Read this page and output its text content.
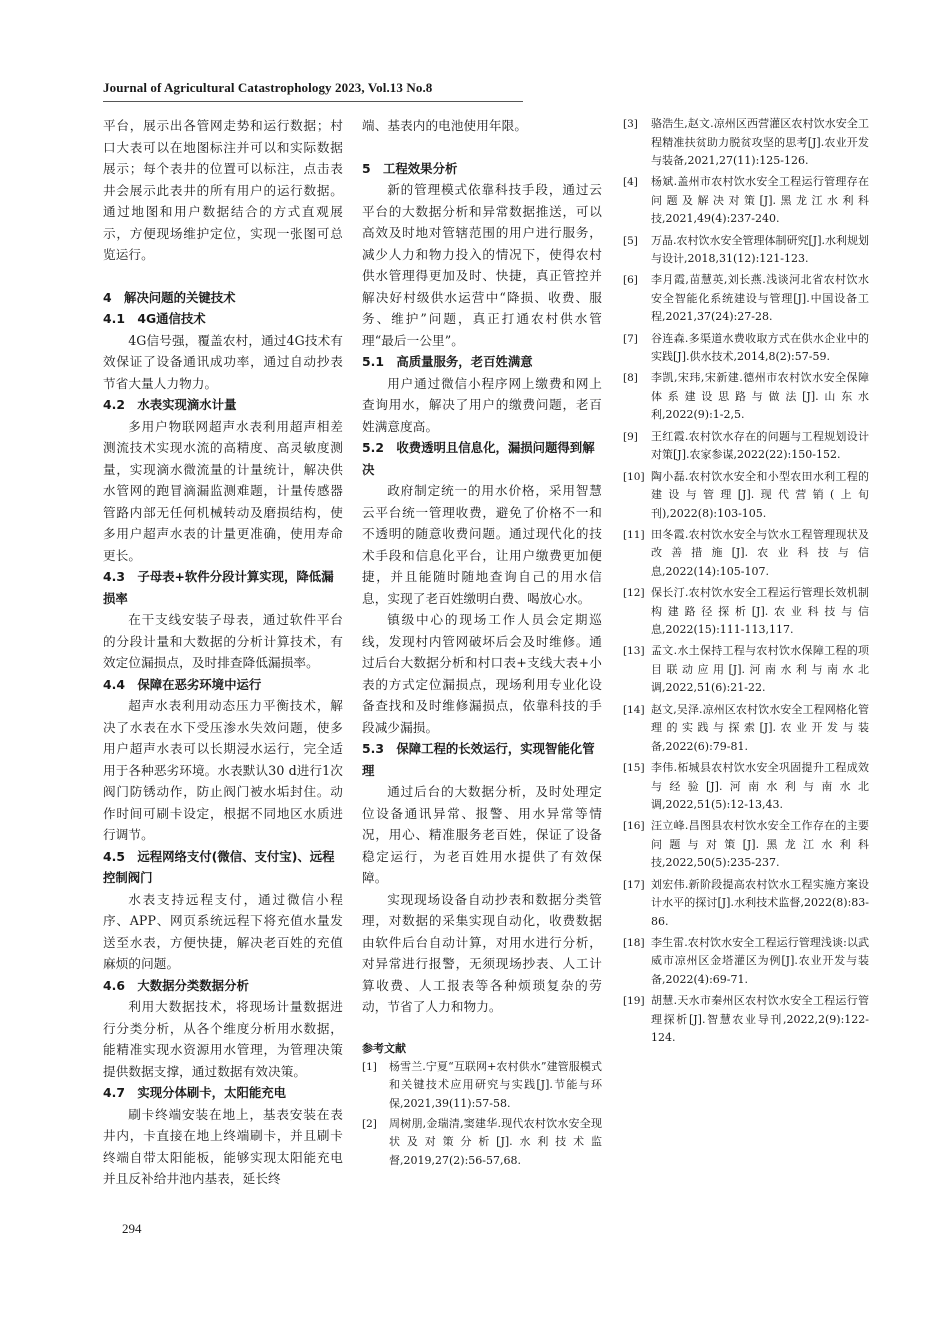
Journal of Agricultural Catastrophology 2023, Vol.13 No.8

平台，展示出各管网走势和运行数据；村口大表可以在地图标注并可以和实际数据展示；每个表井的位置可以标注，点击表井会展示此表井的所有用户的运行数据。通过地图和用户数据结合的方式直观展示，方便现场维护定位，实现一张图可总览运行。

4　解决问题的关键技术
4.1　4G通信技术

4G信号强，覆盖农村，通过4G技术有效保证了设备通讯成功率，通过自动抄表节省大量人力物力。

4.2　水表实现滴水计量

多用户物联网超声水表利用超声相差测流技术实现水流的高精度、高灵敏度测量，实现滴水微流量的计量统计，解决供水管网的跑冒滴漏监测难题，计量传感器管路内部无任何机械转动及磨损结构，使多用户超声水表的计量更准确，使用寿命更长。

4.3　子母表+软件分段计算实现，降低漏损率

在干支线安装子母表，通过软件平台的分段计量和大数据的分析计算技术，有效定位漏损点，及时排查降低漏损率。

4.4　保障在恶劣环境中运行

超声水表利用动态压力平衡技术，解决了水表在水下受压渗水失效问题，使多用户超声水表可以长期浸水运行，完全适用于各种恶劣环境。水表默认30 d进行1次阀门防锈动作，防止阀门被水垢封住。动作时间可刷卡设定，根据不同地区水质进行调节。

4.5　远程网络支付(微信、支付宝)、远程控制阀门

水表支持远程支付，通过微信小程序、APP、网页系统远程下将充值水量发送至水表，方便快捷，解决老百姓的充值麻烦的问题。

4.6　大数据分类数据分析

利用大数据技术，将现场计量数据进行分类分析，从各个维度分析用水数据，能精准实现水资源用水管理，为管理决策提供数据支撑，通过数据有效决策。

4.7　实现分体刷卡，太阳能充电

刷卡终端安装在地上，基表安装在表井内，卡直接在地上终端刷卡，并且刷卡终端自带太阳能板，能够实现太阳能充电并且反补给井池内基表，延长终

端、基表内的电池使用年限。

5　工程效果分析

新的管理模式依靠科技手段，通过云平台的大数据分析和异常数据推送，可以高效及时地对管辖范围的用户进行服务，减少人力和物力投入的情况下，使得农村供水管理得更加及时、快捷，真正管控并解决好村级供水运营中“降损、收费、服务、维护”问题，真正打通农村供水管理“最后一公里”。

5.1　高质量服务，老百姓满意

用户通过微信小程序网上缴费和网上查询用水，解决了用户的缴费问题，老百姓满意度高。

5.2　收费透明且信息化，漏损问题得到解决

政府制定统一的用水价格，采用智慧云平台统一管理收费，避免了价格不一和不透明的随意收费问题。通过现代化的技术手段和信息化平台，让用户缴费更加便捷，并且能随时随地查询自己的用水信息，实现了老百姓缴明白费、喝放心水。

镇级中心的现场工作人员会定期巡线，发现村内管网破坏后会及时维修。通过后台大数据分析和村口表+支线大表+小表的方式定位漏损点，现场利用专业化设备查找和及时维修漏损点，依靠科技的手段减少漏损。

5.3　保障工程的长效运行，实现智能化管理

通过后台的大数据分析，及时处理定位设备通讯异常、报警、用水异常等情况，用心、精准服务老百姓，保证了设备稳定运行，为老百姓用水提供了有效保障。

实现现场设备自动抄表和数据分类管理，对数据的采集实现自动化，收费数据由软件后台自动计算，对用水进行分析，对异常进行报警，无须现场抄表、人工计算收费、人工报表等各种烦琐复杂的劳动，节省了人力和物力。

参考文献
[1]	杨雪兰.宁夏“互联网+农村供水”建管服模式和关键技术应用研究与实践[J].节能与环保,2021,39(11):57-58.
[2]	周树朋,金瑞清,窦建华.现代农村饮水安全现状及对策分析[J].水利技术监督,2019,27(2):56-57,68.
[3]	骆浩生,赵文.凉州区西营灌区农村饮水安全工程精准扶贫助力脱贫攻坚的思考[J].农业开发与装备,2021,27(11):125-126.
[4]	杨斌.盖州市农村饮水安全工程运行管理存在问题及解决对策[J].黑龙江水利科技,2021,49(4):237-240.
[5]	万晶.农村饮水安全管理体制研究[J].水利规划与设计,2018,31(12):121-123.
[6]	李月霞,苗慧英,刘长燕.浅谈河北省农村饮水安全智能化系统建设与管理[J].中国设备工程,2021,37(24):27-28.
[7]	谷连森.多渠道水费收取方式在供水企业中的实践[J].供水技术,2014,8(2):57-59.
[8]	李凯,宋玮,宋新建.德州市农村饮水安全保障体系建设思路与做法[J].山东水利,2022(9):1-2,5.
[9]	王红霞.农村饮水存在的问题与工程规划设计对策[J].农家参谋,2022(22):150-152.
[10] 陶小磊.农村饮水安全和小型农田水利工程的建设与管理[J].现代营销(上旬刊),2022(8):103-105.
[11] 田冬霞.农村饮水安全与饮水工程管理现状及改善措施[J].农业科技与信息,2022(14):105-107.
[12] 保长汀.农村饮水安全工程运行管理长效机制构建路径探析[J].农业科技与信息,2022(15):111-113,117.
[13] 孟文.水土保持工程与农村饮水保障工程的项目联动应用[J].河南水利与南水北调,2022,51(6):21-22.
[14] 赵文,吴泽.凉州区农村饮水安全工程网格化管理的实践与探索[J].农业开发与装备,2022(6):79-81.
[15] 李伟.柘城县农村饮水安全巩固提升工程成效与经验[J].河南水利与南水北调,2022,51(5):12-13,43.
[16] 汪立峰.昌图县农村饮水安全工作存在的主要问题与对策[J].黑龙江水利科技,2022,50(5):235-237.
[17] 刘宏伟.新阶段提高农村饮水工程实施方案设计水平的探讨[J].水利技术监督,2022(8):83-86.
[18] 李生雷.农村饮水安全工程运行管理浅谈:以武威市凉州区金塔灌区为例[J].农业开发与装备,2022(4):69-71.
[19] 胡慧.天水市秦州区农村饮水安全工程运行管理探析[J].智慧农业导刊,2022,2(9):122-124.
294
